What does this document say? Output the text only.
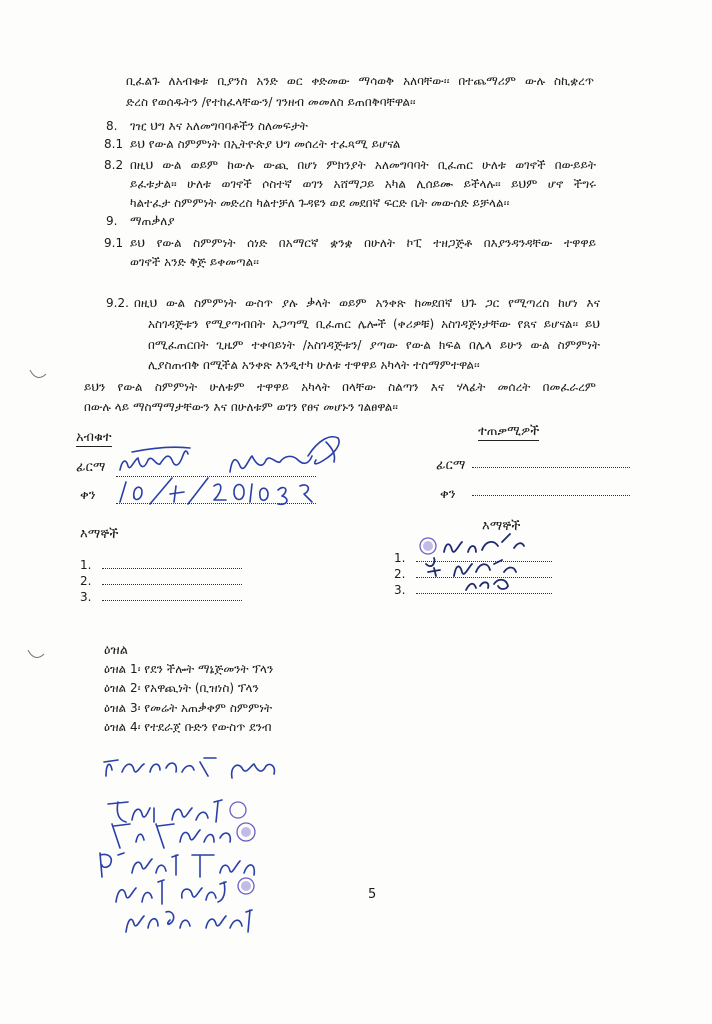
ቢፈልጉ ለአብቁቱ ቢያንስ አንድ ወር ቀድመው ማሳወቅ አለባቸው፡፡ በተጨማሪም ውሉ ስኪቋረጥ
ድረስ የወሰዱትን /የተከፈላቸውን/ ገንዘብ መመለስ ይጠበቅባቸዋል፡፡
8. ገዢ ህግ እና አለመግባባቶችን ስለመፍታት
8.1 ይህ የውል ስምምነት በኢትዮጵያ ህግ መሰረት ተፈጻሚ ይሆናል
8.2 በዚህ ውል ወይም ከውሉ ውጪ በሆነ ምክንያት አለመግባባት ቢፈጠር ሁለቱ ወገኖች በውይይት
ይፈቱታል፡፡ ሁለቱ ወገኖች ሶስተኛ ወገን አሸማጋይ አካል ሊሰይሙ ይችላሉ፡፡ ይህም ሆኖ ችግሩ
ካልተፈታ ስምምነት መድረስ ካልተቻለ ጉዳዩን ወደ መደበኛ ፍርድ ቤት መውሰድ ይቻላል፡፡
9. ማጠቃለያ
9.1 ይህ የውል ስምምነት ሰነድ በአማርኛ ቋንቋ በሁለት ኮፒ ተዘጋጅቶ በእያንዳንዳቸው ተዋዋይ
ወገኖች አንድ ቅጅ ይቀመጣል፡፡
9.2. በዚህ ውል ስምምነት ውስጥ ያሉ ቃላት ወይም አንቀጽ ከመደበኛ ህጉ ጋር የሚጣረስ ከሆነ እና
አስገዳጅቱን የሚያጣብበት አጋጣሚ ቢፈጠር ሌሎች (ቀሪዎቹ) አስገዳጅነታቸው የጸና ይሆናል፡፡ ይህ
በሚፈጠርበት ጊዜም ተቀባይነት /አስገዳጅቱን/ ያጣው የውል ክፍል በሌላ ይሁን ውል ስምምነት
ሊያስጠብቅ በሚችል አንቀጽ እንዲተካ ሁለቱ ተዋዋይ አካላት ተስማምተዋል፡፡
ይህን የውል ስምምነት ሁለቱም ተዋዋይ አካላት በላቸው ስልጣን እና ሃላፊት መሰረት በመፈራረም
በውሉ ላይ ማስማማታቸውን እና በሁለቱም ወገን የፀና መሆኑን ገልፀዋል፡፡
አብቁተ
ፊርማ
ቀን
እማኞች
1.
2.
3.
ተጠቃሚዎች
ፊርማ
ቀን
እማኞች
1.
2.
3.
ዕዝል
ዕዝል 1፡ የደን ችሎት ማኔጅመንት ፕላን
ዕዝል 2፡ የአዋጪነት (ቢዝነስ) ፕላን
ዕዝል 3፡ የመሬት አጠቃቀም ስምምነት
ዕዝል 4፡ የተደራጀ ቡድን የውስጥ ደንብ
5
